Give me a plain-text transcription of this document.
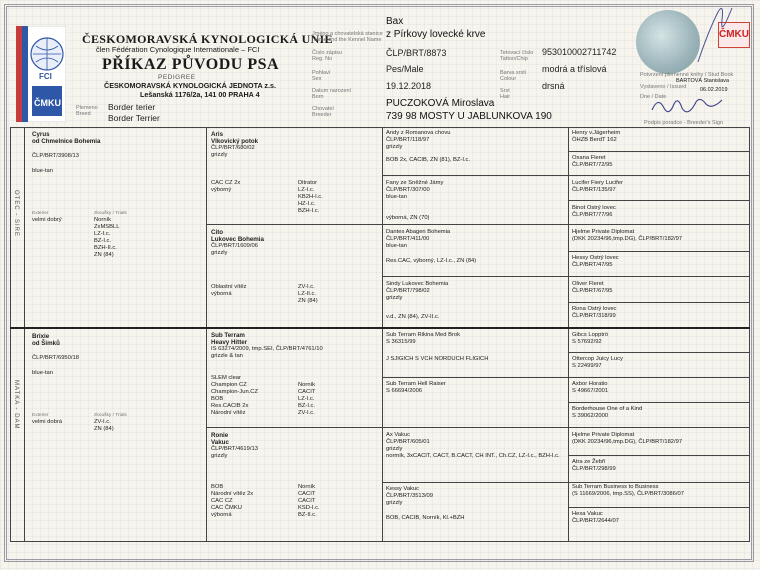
FCI
ČMKU
ČESKOMORAVSKÁ KYNOLOGICKÁ UNIE
člen Fédération Cynologique Internationale – FCI
PŘÍKAZ PŮVODU PSA
PEDIGREE
ČESKOMORAVSKÁ KYNOLOGICKÁ JEDNOTA z.s.
Lešanská 1176/2a, 141 00 PRAHA 4
Plemeno
Breed
Border terier
Border Terrier
Jméno a chovatelská stanice
Name and the Kennel Name
Číslo zápisu
Reg. No
Pohlaví
Sex
Datum narození
Born
Chovatel
Breeder
Bax
z Pírkovy lovecké krve
ČLP/BRT/8873
Pes/Male
19.12.2018
PUCZOKOVÁ Miroslava
739 98 MOSTY U JABLUNKOVA 190
Tetovací číslo
Tattoo/Chip
Barva srsti
Colour
Srst
Hair
953010002711742
modrá a tříslová
drsná
ČMKU
Potvrzení plemenné knihy / Stud Book
BARTOVÁ Stanislava
Vystaveno / Issued 06.02.2019
Dne / Date
Podpis poradce - Breeder's Sign
OTEC - SIRE
MATKA - DAM
Cyrus
od Chmelnice Bohemia
ČLP/BRT/3908/13
blue-tan
Exterier
velmi dobrý
zkoušky / Trials
Norník
ZxMSBLL
LZ-I.c.
BZ-I.c.
BZH-II.c.
ZN (84)
Brixie
od Šimků
ČLP/BRT/6950/18
blue-tan
Exterier
velmi dobrá
zkoušky / Trials
ZV-I.c.
ZN (84)
Aris
Vlkovický potok
ČLP/BRT/680/02
grizzly
CAC CZ 2x
výborný
Ditrator
LZ-I.c.
KB2H-I.c.
HZ-I.c.
BZH-I.c.
Cito
Lukovec Bohemia
ČLP/BRT/1609/06
grizzly
Oblastní vítěz
výborná
ZV-I.c.
LZ-II.c.
ZN (84)
Sub Terram
Heavy Hitter
IS 63274/2009, tmp.SEI, ČLP/BRT/4761/10
grizzle & tan
SLEM clear
Champion CZ
Champion-Jun.CZ
BOB
Res.CACIB 2x
Národní vítěz
Norník
CACIT
LZ-I.c.
BZ-I.c.
ZV-I.c.
Ronie
Vakuc
ČLP/BRT/4619/13
grizzly
BOB
Národní vítěz 2x
CAC CZ
CAC ČMKU
výborná
Norník
CACIT
CACIT
KSD-I.c.
BZ-II.c.
Andy z Romanova chovu
ČLP/BRT/118/97
grizzly
BOB 2x, CACIB, ZN (81), BZ-I.c.
Fany ze Sněžné Jámy
ČLP/BRT/307/00
blue-tan
výborná, ZN (70)
Dantes Abagen Bohemia
ČLP/BRT/411/00
blue-tan
Res.CAC, výborný, LZ-I.c., ZN (84)
Sindy Lukovec Bohemia
ČLP/BRT/798/02
grizzly
v.d., ZN (84), ZV-II.c.
Sub Terram Rikina Med Brok
S 36315/99
J SJIGICH S VCH NORDUCH FLIGICH
Sub Terram Hell Raiser
S 66694/2006
Ax Vakuc
ČLP/BRT/605/01
grizzly
normík, 3xCACIT, CACT, B.CACT, CH INT., Ch.CZ, LZ-I.c., BZH-I.c.
Kessy Vakuc
ČLP/BRT/3513/09
grizzly
BOB, CACIB, Norník, Kl.+BZH
Henry v.Jägerheim
ÖHZB BerdT 162
Oxana Fleret
ČLP/BRT/72/95
Lucifer Fiery Lucifer
ČLP/BRT/135/97
Binot Ostrý lovec
ČLP/BRT/77/96
Hjelme Private Diplomat
(DKK 20234/96,tmp.DG), ČLP/BRT/182/97
Hessy Ostrý lovec
ČLP/BRT/47/95
Oliver Fleret
ČLP/BRT/67/95
Rona Ostrý lovec
ČLP/BRT/318/99
Gibcs Lopptrö
S 57692/92
Ottercop Juicy Lucy
S 22499/97
Axbor Horatio
S 49667/2001
Borderhouse One of a Kind
S 39062/2000
Hjelme Private Diplomat
(DKK 20234/96,tmp.DG), ČLP/BRT/182/97
Atra ze Žebří
ČLP/BRT/298/99
Sub Terram Business to Business
(S 11669/2006, tmp.SS), ČLP/BRT/3086/07
Hexa Vakuc
ČLP/BRT/2644/07
